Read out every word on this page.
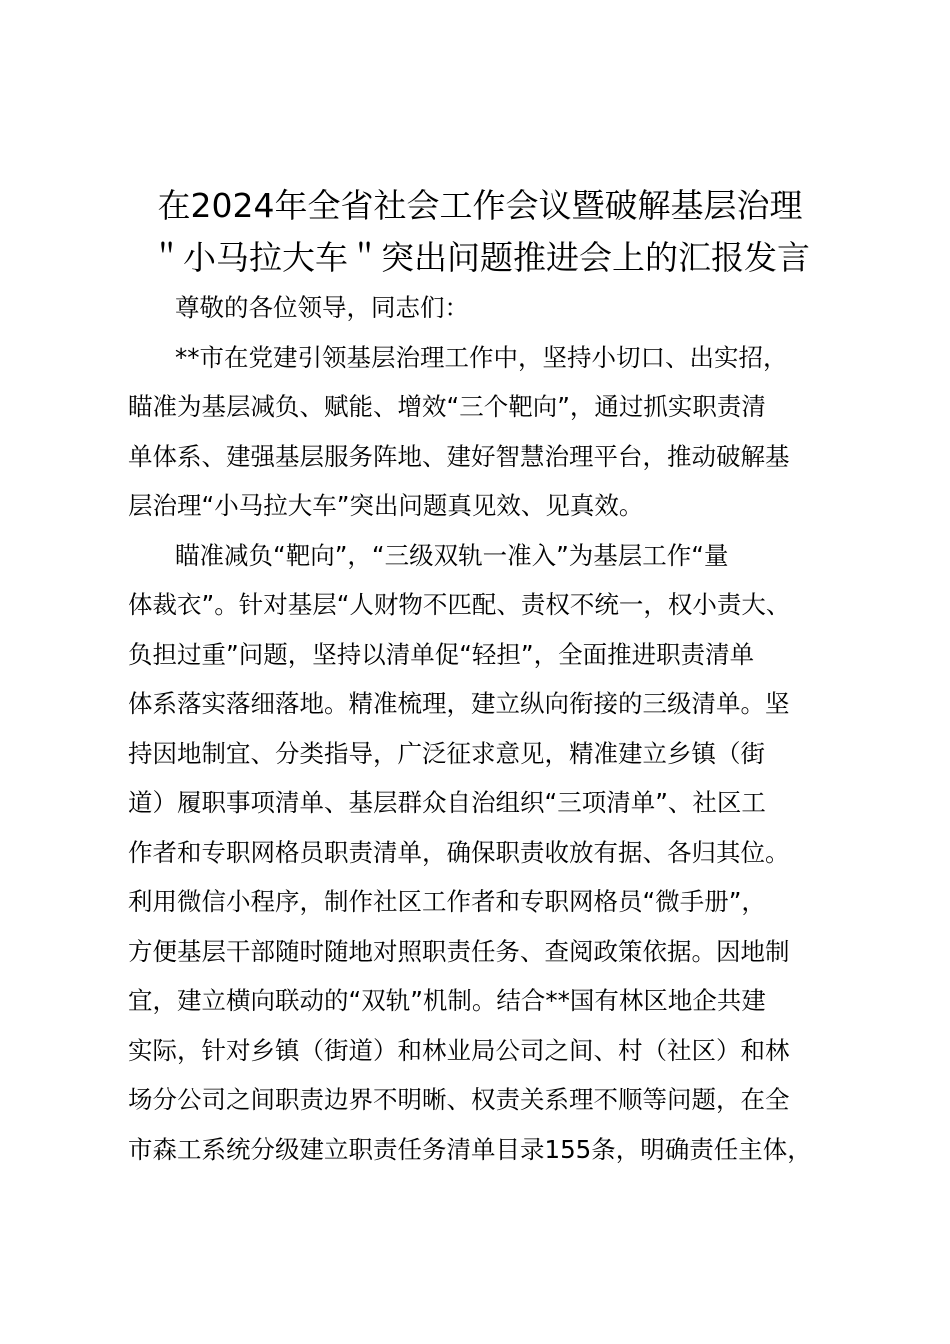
在2024年全省社会工作会议暨破解基层治理
＂小马拉大车＂突出问题推进会上的汇报发言
尊敬的各位领导，同志们：
**市在党建引领基层治理工作中，坚持小切口、出实招，
瞄准为基层减负、赋能、增效“三个靶向”，通过抓实职责清
单体系、建强基层服务阵地、建好智慧治理平台，推动破解基
层治理“小马拉大车”突出问题真见效、见真效。
瞄准减负“靶向”，“三级双轨一准入”为基层工作“量
体裁衣”。针对基层“人财物不匹配、责权不统一，权小责大、
负担过重”问题，坚持以清单促“轻担”，全面推进职责清单
体系落实落细落地。精准梳理，建立纵向衔接的三级清单。坚
持因地制宜、分类指导，广泛征求意见，精准建立乡镇（街
道）履职事项清单、基层群众自治组织“三项清单”、社区工
作者和专职网格员职责清单，确保职责收放有据、各归其位。
利用微信小程序，制作社区工作者和专职网格员“微手册”，
方便基层干部随时随地对照职责任务、查阅政策依据。因地制
宜，建立横向联动的“双轨”机制。结合**国有林区地企共建
实际，针对乡镇（街道）和林业局公司之间、村（社区）和林
场分公司之间职责边界不明晰、权责关系理不顺等问题，在全
市森工系统分级建立职责任务清单目录155条，明确责任主体，
